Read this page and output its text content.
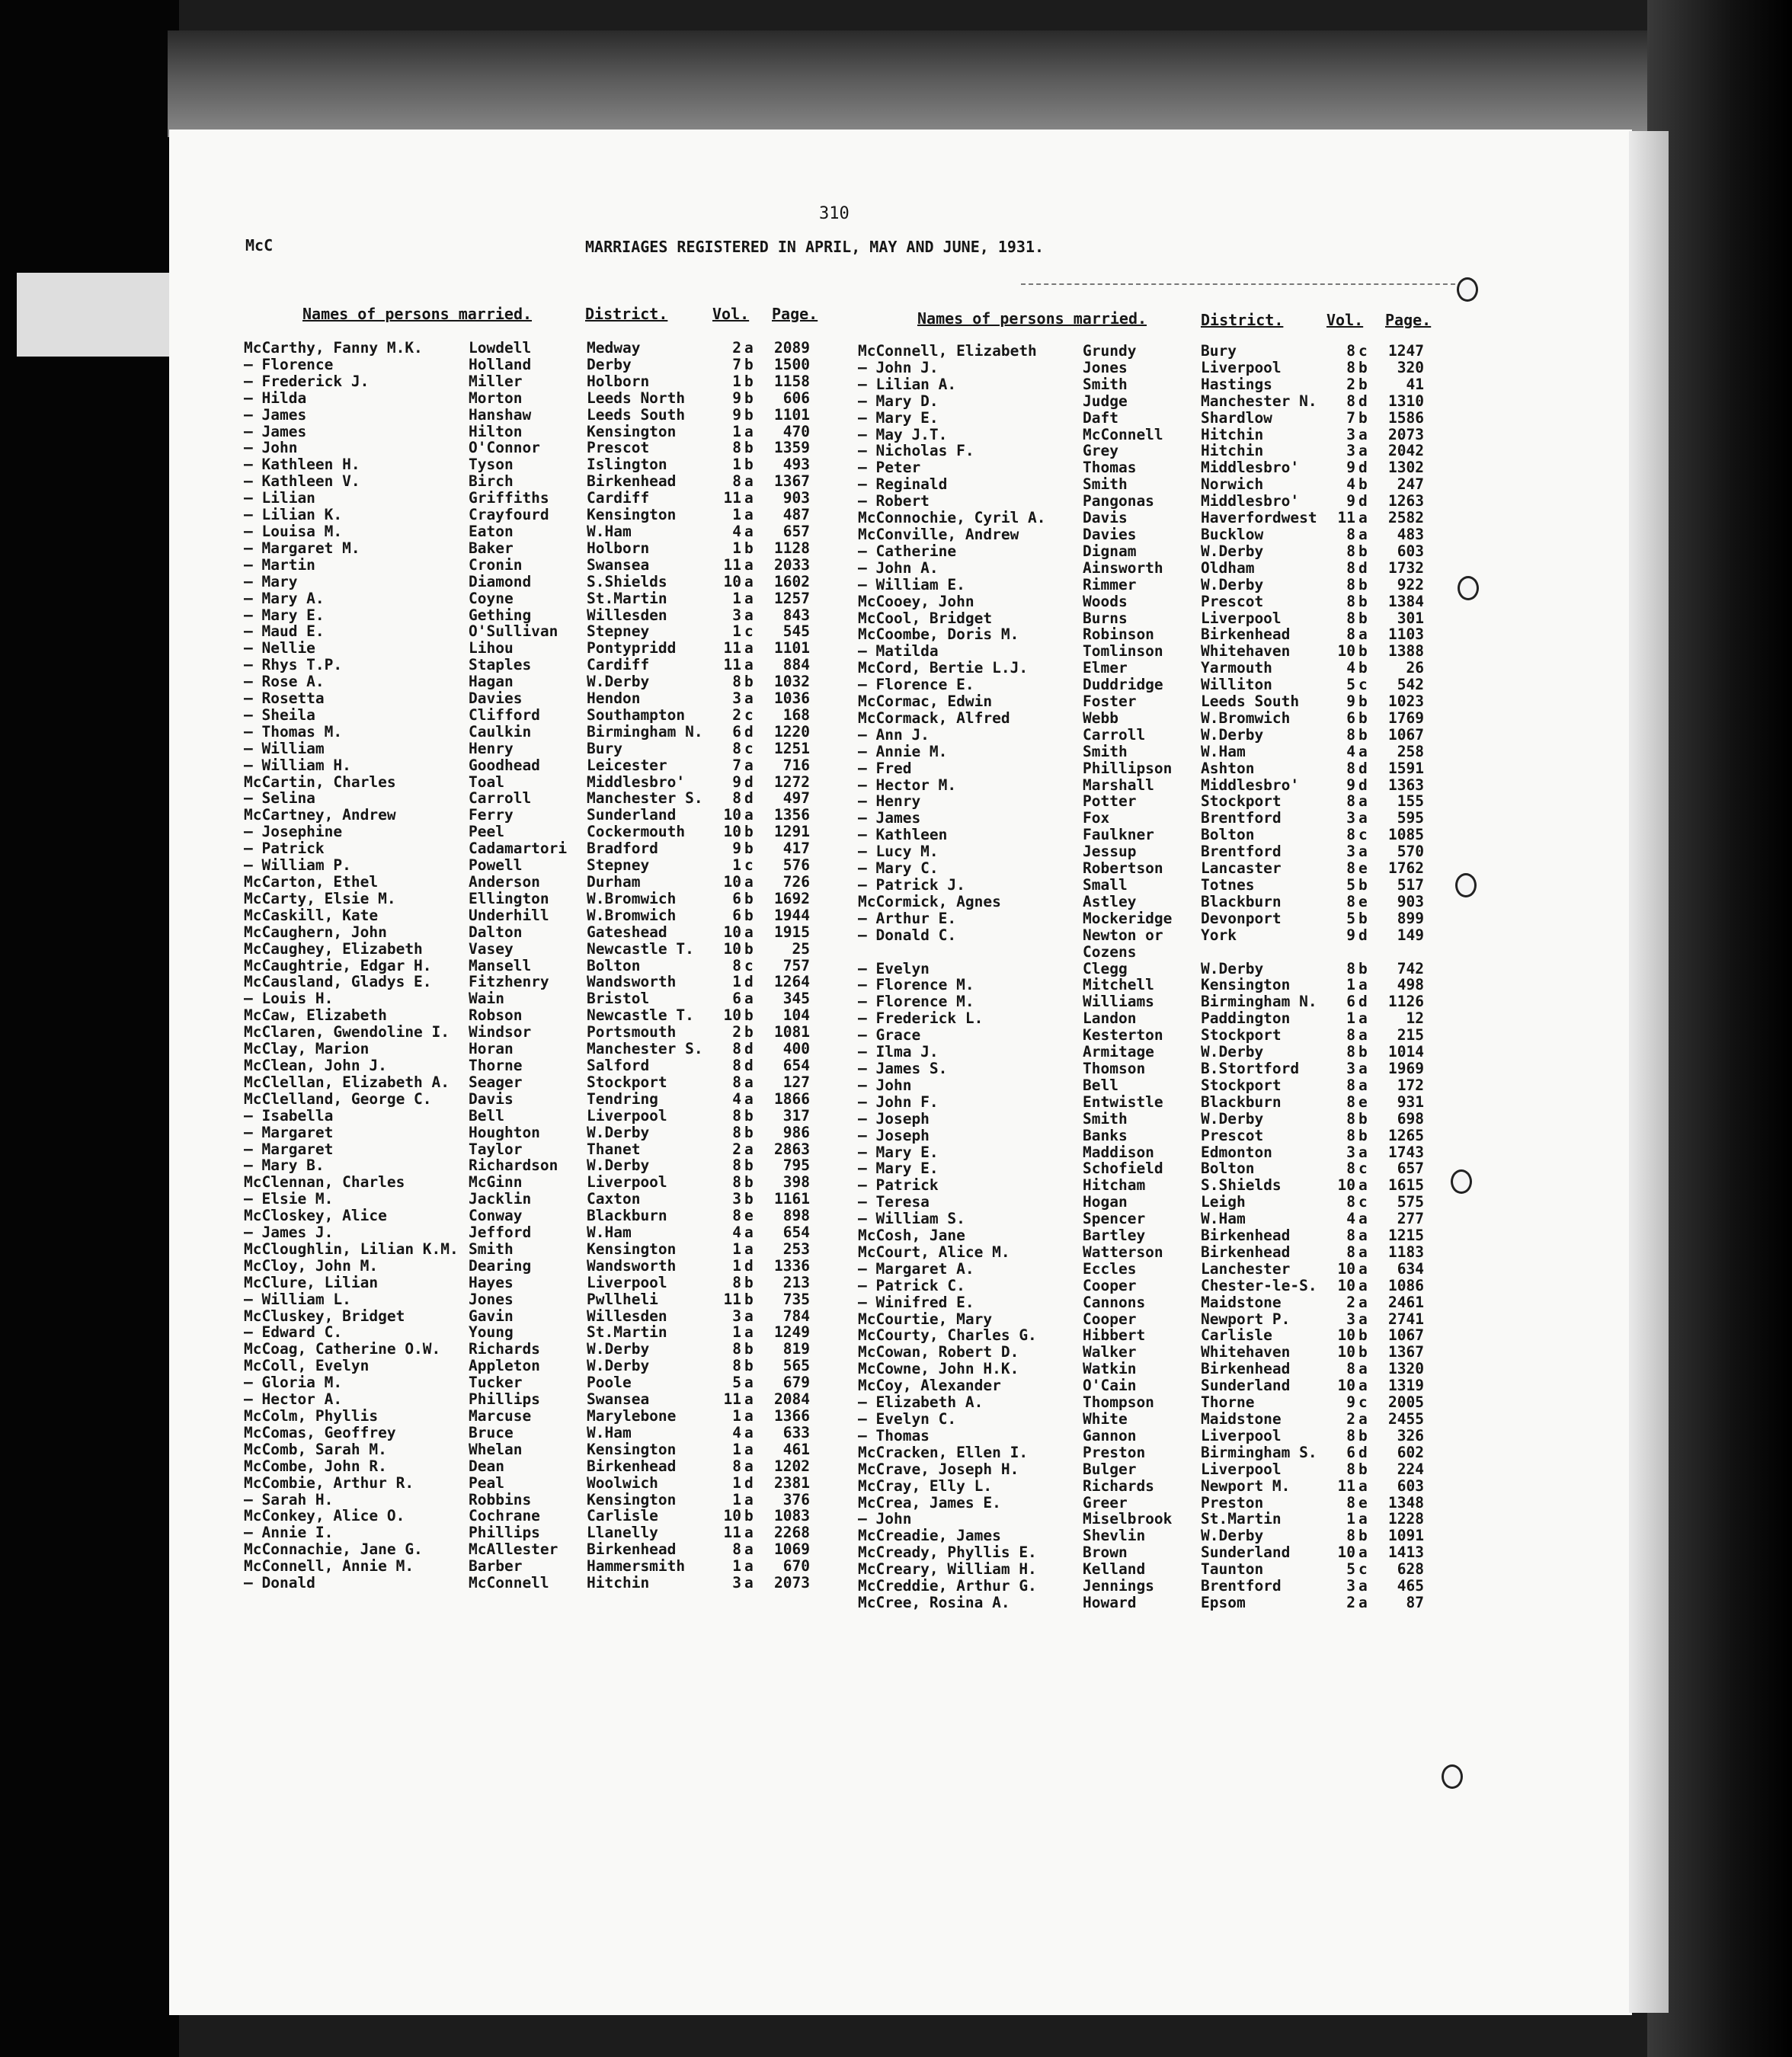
310
McC	MARRIAGES REGISTERED IN APRIL, MAY AND JUNE, 1931.
Names of persons married.	District.	Vol. Page.	Names of persons married.	District.	Vol. Page.
McCarthy, Fanny M.K.	Lowdell	Medway	2	a	2089
— Florence	Holland	Derby	7	b	1500
— Frederick J.	Miller	Holborn	1	b	1158
— Hilda	Morton	Leeds North	9	b	606
— James	Hanshaw	Leeds South	9	b	1101
— James	Hilton	Kensington	1	a	470
— John	O'Connor	Prescot	8	b	1359
— Kathleen H.	Tyson	Islington	1	b	493
— Kathleen V.	Birch	Birkenhead	8	a	1367
— Lilian	Griffiths	Cardiff	11	a	903
— Lilian K.	Crayfourd	Kensington	1	a	487
— Louisa M.	Eaton	W.Ham	4	a	657
— Margaret M.	Baker	Holborn	1	b	1128
— Martin	Cronin	Swansea	11	a	2033
— Mary	Diamond	S.Shields	10	a	1602
— Mary A.	Coyne	St.Martin	1	a	1257
— Mary E.	Gething	Willesden	3	a	843
— Maud E.	O'Sullivan	Stepney	1	c	545
— Nellie	Lihou	Pontypridd	11	a	1101
— Rhys T.P.	Staples	Cardiff	11	a	884
— Rose A.	Hagan	W.Derby	8	b	1032
— Rosetta	Davies	Hendon	3	a	1036
— Sheila	Clifford	Southampton	2	c	168
— Thomas M.	Caulkin	Birmingham N.	6	d	1220
— William	Henry	Bury	8	c	1251
— William H.	Goodhead	Leicester	7	a	716
McCartin, Charles	Toal	Middlesbro'	9	d	1272
— Selina	Carroll	Manchester S.	8	d	497
McCartney, Andrew	Ferry	Sunderland	10	a	1356
— Josephine	Peel	Cockermouth	10	b	1291
— Patrick	Cadamartori	Bradford	9	b	417
— William P.	Powell	Stepney	1	c	576
McCarton, Ethel	Anderson	Durham	10	a	726
McCarty, Elsie M.	Ellington	W.Bromwich	6	b	1692
McCaskill, Kate	Underhill	W.Bromwich	6	b	1944
McCaughern, John	Dalton	Gateshead	10	a	1915
McCaughey, Elizabeth	Vasey	Newcastle T.	10	b	25
McCaughtrie, Edgar H.	Mansell	Bolton	8	c	757
McCausland, Gladys E.	Fitzhenry	Wandsworth	1	d	1264
— Louis H.	Wain	Bristol	6	a	345
McCaw, Elizabeth	Robson	Newcastle T.	10	b	104
McClaren, Gwendoline I.	Windsor	Portsmouth	2	b	1081
McClay, Marion	Horan	Manchester S.	8	d	400
McClean, John J.	Thorne	Salford	8	d	654
McClellan, Elizabeth A.	Seager	Stockport	8	a	127
McClelland, George C.	Davis	Tendring	4	a	1866
— Isabella	Bell	Liverpool	8	b	317
— Margaret	Houghton	W.Derby	8	b	986
— Margaret	Taylor	Thanet	2	a	2863
— Mary B.	Richardson	W.Derby	8	b	795
McClennan, Charles	McGinn	Liverpool	8	b	398
— Elsie M.	Jacklin	Caxton	3	b	1161
McCloskey, Alice	Conway	Blackburn	8	e	898
— James J.	Jefford	W.Ham	4	a	654
McCloughlin, Lilian K.M.	Smith	Kensington	1	a	253
McCloy, John M.	Dearing	Wandsworth	1	d	1336
McClure, Lilian	Hayes	Liverpool	8	b	213
— William L.	Jones	Pwllheli	11	b	735
McCluskey, Bridget	Gavin	Willesden	3	a	784
— Edward C.	Young	St.Martin	1	a	1249
McCoag, Catherine O.W.	Richards	W.Derby	8	b	819
McColl, Evelyn	Appleton	W.Derby	8	b	565
— Gloria M.	Tucker	Poole	5	a	679
— Hector A.	Phillips	Swansea	11	a	2084
McColm, Phyllis	Marcuse	Marylebone	1	a	1366
McComas, Geoffrey	Bruce	W.Ham	4	a	633
McComb, Sarah M.	Whelan	Kensington	1	a	461
McCombe, John R.	Dean	Birkenhead	8	a	1202
McCombie, Arthur R.	Peal	Woolwich	1	d	2381
— Sarah H.	Robbins	Kensington	1	a	376
McConkey, Alice O.	Cochrane	Carlisle	10	b	1083
— Annie I.	Phillips	Llanelly	11	a	2268
McConnachie, Jane G.	McAllester	Birkenhead	8	a	1069
McConnell, Annie M.	Barber	Hammersmith	1	a	670
— Donald	McConnell	Hitchin	3	a	2073
McConnell, Elizabeth	Grundy	Bury	8	c	1247
— John J.	Jones	Liverpool	8	b	320
— Lilian A.	Smith	Hastings	2	b	41
— Mary D.	Judge	Manchester N.	8	d	1310
— Mary E.	Daft	Shardlow	7	b	1586
— May J.T.	McConnell	Hitchin	3	a	2073
— Nicholas F.	Grey	Hitchin	3	a	2042
— Peter	Thomas	Middlesbro'	9	d	1302
— Reginald	Smith	Norwich	4	b	247
— Robert	Pangonas	Middlesbro'	9	d	1263
McConnochie, Cyril A.	Davis	Haverfordwest	11	a	2582
McConville, Andrew	Davies	Bucklow	8	a	483
— Catherine	Dignam	W.Derby	8	b	603
— John A.	Ainsworth	Oldham	8	d	1732
— William E.	Rimmer	W.Derby	8	b	922
McCooey, John	Woods	Prescot	8	b	1384
McCool, Bridget	Burns	Liverpool	8	b	301
McCoombe, Doris M.	Robinson	Birkenhead	8	a	1103
— Matilda	Tomlinson	Whitehaven	10	b	1388
McCord, Bertie L.J.	Elmer	Yarmouth	4	b	26
— Florence E.	Duddridge	Williton	5	c	542
McCormac, Edwin	Foster	Leeds South	9	b	1023
McCormack, Alfred	Webb	W.Bromwich	6	b	1769
— Ann J.	Carroll	W.Derby	8	b	1067
— Annie M.	Smith	W.Ham	4	a	258
— Fred	Phillipson	Ashton	8	d	1591
— Hector M.	Marshall	Middlesbro'	9	d	1363
— Henry	Potter	Stockport	8	a	155
— James	Fox	Brentford	3	a	595
— Kathleen	Faulkner	Bolton	8	c	1085
— Lucy M.	Jessup	Brentford	3	a	570
— Mary C.	Robertson	Lancaster	8	e	1762
— Patrick J.	Small	Totnes	5	b	517
McCormick, Agnes	Astley	Blackburn	8	e	903
— Arthur E.	Mockeridge	Devonport	5	b	899
— Donald C.	Newton or	York	9	d	149
	Cozens				
— Evelyn	Clegg	W.Derby	8	b	742
— Florence M.	Mitchell	Kensington	1	a	498
— Florence M.	Williams	Birmingham N.	6	d	1126
— Frederick L.	Landon	Paddington	1	a	12
— Grace	Kesterton	Stockport	8	a	215
— Ilma J.	Armitage	W.Derby	8	b	1014
— James S.	Thomson	B.Stortford	3	a	1969
— John	Bell	Stockport	8	a	172
— John F.	Entwistle	Blackburn	8	e	931
— Joseph	Smith	W.Derby	8	b	698
— Joseph	Banks	Prescot	8	b	1265
— Mary E.	Maddison	Edmonton	3	a	1743
— Mary E.	Schofield	Bolton	8	c	657
— Patrick	Hitcham	S.Shields	10	a	1615
— Teresa	Hogan	Leigh	8	c	575
— William S.	Spencer	W.Ham	4	a	277
McCosh, Jane	Bartley	Birkenhead	8	a	1215
McCourt, Alice M.	Watterson	Birkenhead	8	a	1183
— Margaret A.	Eccles	Lanchester	10	a	634
— Patrick C.	Cooper	Chester-le-S.	10	a	1086
— Winifred E.	Cannons	Maidstone	2	a	2461
McCourtie, Mary	Cooper	Newport P.	3	a	2741
McCourty, Charles G.	Hibbert	Carlisle	10	b	1067
McCowan, Robert D.	Walker	Whitehaven	10	b	1367
McCowne, John H.K.	Watkin	Birkenhead	8	a	1320
McCoy, Alexander	O'Cain	Sunderland	10	a	1319
— Elizabeth A.	Thompson	Thorne	9	c	2005
— Evelyn C.	White	Maidstone	2	a	2455
— Thomas	Gannon	Liverpool	8	b	326
McCracken, Ellen I.	Preston	Birmingham S.	6	d	602
McCrave, Joseph H.	Bulger	Liverpool	8	b	224
McCray, Elly L.	Richards	Newport M.	11	a	603
McCrea, James E.	Greer	Preston	8	e	1348
— John	Miselbrook	St.Martin	1	a	1228
McCreadie, James	Shevlin	W.Derby	8	b	1091
McCready, Phyllis E.	Brown	Sunderland	10	a	1413
McCreary, William H.	Kelland	Taunton	5	c	628
McCreddie, Arthur G.	Jennings	Brentford	3	a	465
McCree, Rosina A.	Howard	Epsom	2	a	87
